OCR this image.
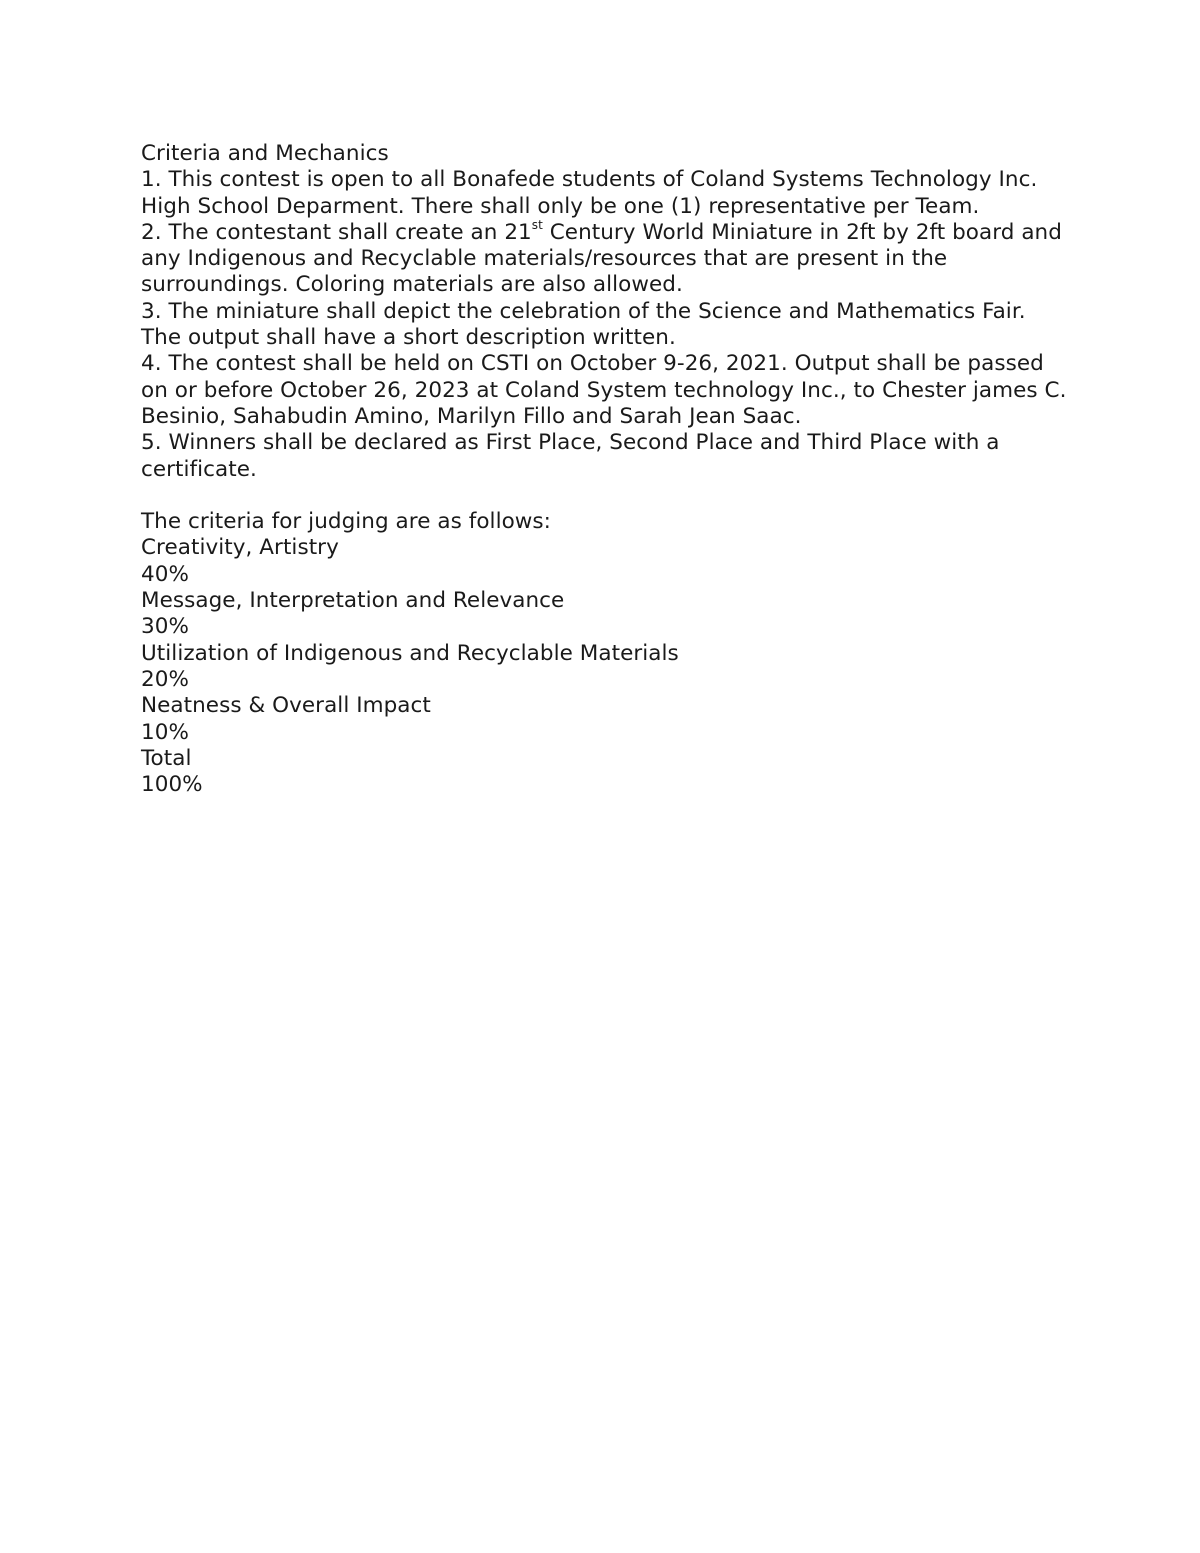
Criteria and Mechanics

1. This contest is open to all Bonafede students of Coland Systems Technology Inc. High School Deparment. There shall only be one (1) representative per Team.

2. The contestant shall create an 21st Century World Miniature in 2ft by 2ft board and any Indigenous and Recyclable materials/resources that are present in the surroundings. Coloring materials are also allowed.

3. The miniature shall depict the celebration of the Science and Mathematics Fair. The output shall have a short description written.

4. The contest shall be held on CSTI on October 9-26, 2021. Output shall be passed on or before October 26, 2023 at Coland System technology Inc., to Chester james C. Besinio, Sahabudin Amino, Marilyn Fillo and Sarah Jean Saac.

5. Winners shall be declared as First Place, Second Place and Third Place with a certificate.

The criteria for judging are as follows:

Creativity, Artistry

40%

Message, Interpretation and Relevance

30%

Utilization of Indigenous and Recyclable Materials

20%

Neatness & Overall Impact

10%

Total

100%
